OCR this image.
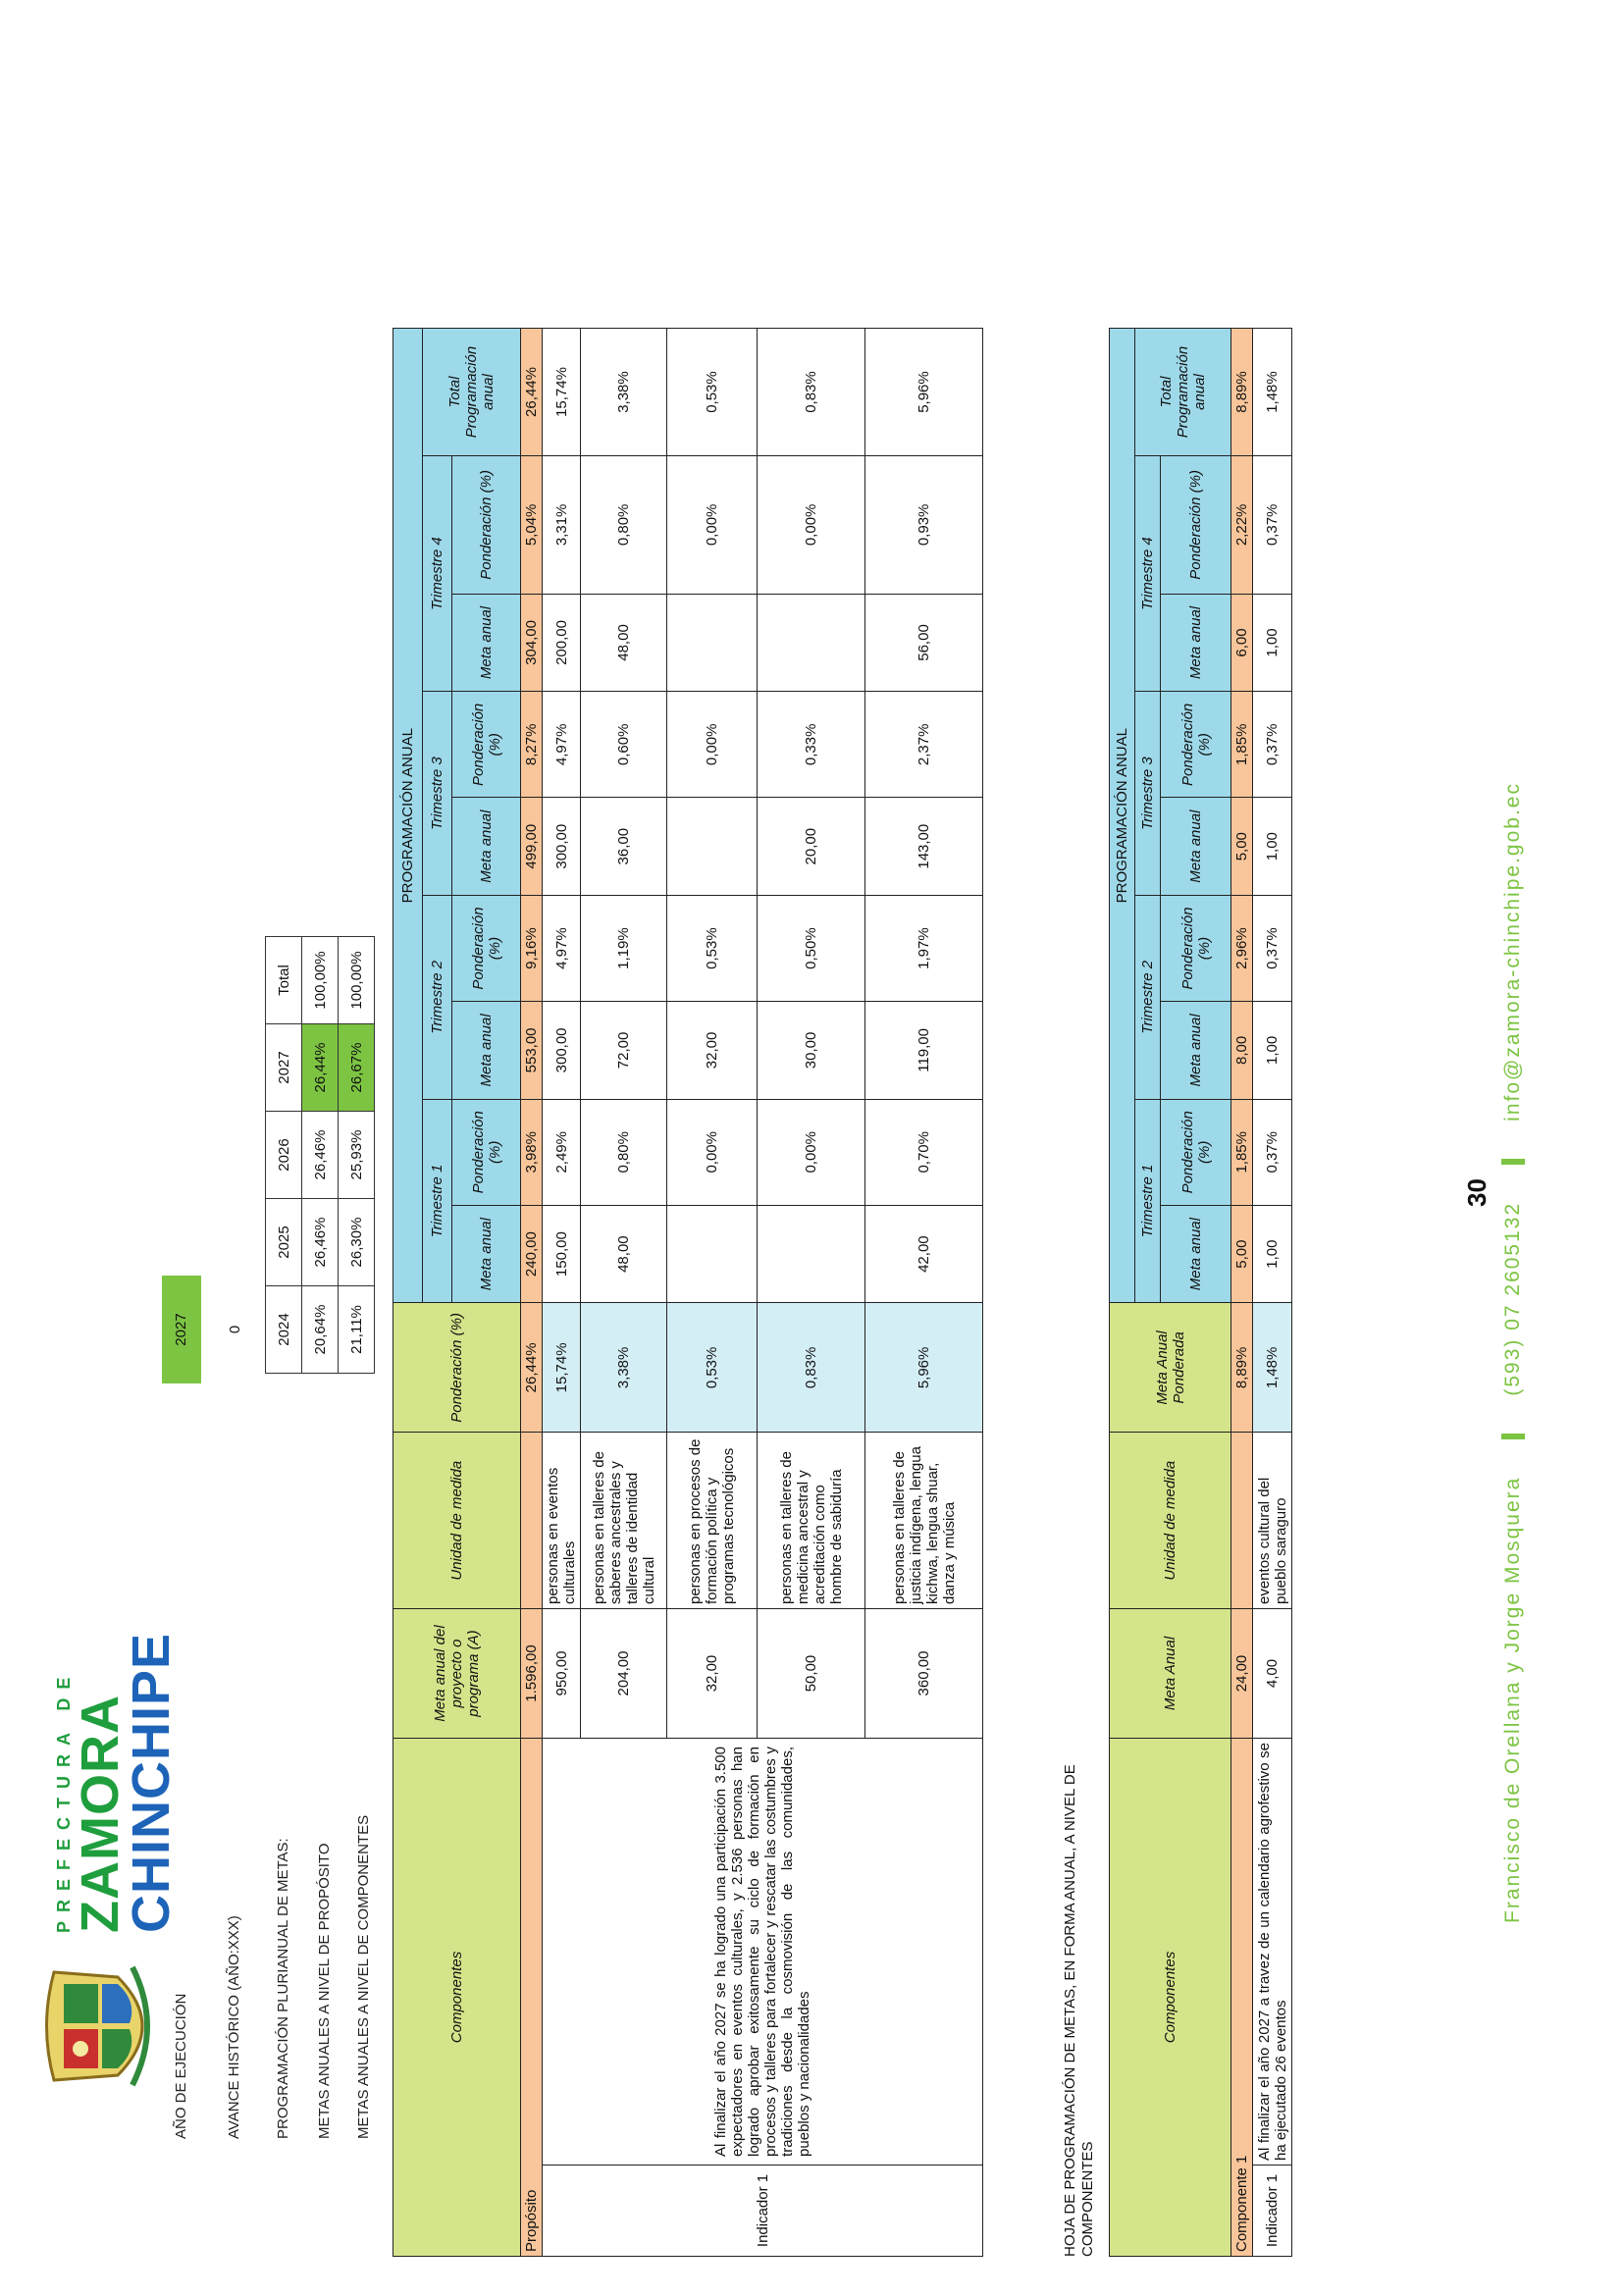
PREFECTURA DE
ZAMORA
CHINCHIPE
AÑO DE EJECUCIÓN AVANCE HISTÓRICO (AÑO:XXX) PROGRAMACIÓN PLURIANUAL DE METAS: METAS ANUALES A NIVEL DE PROPÓSITO METAS ANUALES A NIVEL DE COMPONENTES
2027	0	2024	2025	2026	2027	Total
20,64%	26,46%	26,46%	26,44%	100,00%
21,11%	26,30%	25,93%	26,67%	100,00%
Componentes		Meta anual del proyecto o programa (A)	Unidad de medida	Ponderación (%)	PROGRAMACIÓN ANUAL								
					Trimestre 1		Trimestre 2		Trimestre 3		Trimestre 4		Total Programación anual
					Meta anual	Ponderación (%)	Meta anual	Ponderación (%)	Meta anual	Ponderación (%)	Meta anual	Ponderación (%)	
Propósito		1.596,00		26,44%	240,00	3,98%	553,00	9,16%	499,00	8,27%	304,00	5,04%	26,44%
Indicador 1	Al finalizar el año 2027 se ha logrado una participación 3.500 expectadores en eventos culturales, y 2.536 personas han logrado aprobar exitosamente su ciclo de formación en procesos y talleres para fortalecer y rescatar las costumbres y tradiciones desde la cosmovisión de las comunidades, pueblos y nacionalidades	950,00	personas en eventos culturales	15,74%	150,00	2,49%	300,00	4,97%	300,00	4,97%	200,00	3,31%	15,74%
		204,00	personas en talleres de saberes ancestrales y talleres de identidad cultural	3,38%	48,00	0,80%	72,00	1,19%	36,00	0,60%	48,00	0,80%	3,38%
		32,00	personas en procesos de formación política y programas tecnológicos	0,53%		0,00%	32,00	0,53%		0,00%		0,00%	0,53%
		50,00	personas en talleres de medicina ancestral y acreditación como hombre de sabiduría	0,83%		0,00%	30,00	0,50%	20,00	0,33%		0,00%	0,83%
		360,00	personas en talleres de justicia indígena, lengua kichwa, lengua shuar, danza y música	5,96%	42,00	0,70%	119,00	1,97%	143,00	2,37%	56,00	0,93%	5,96%
HOJA DE PROGRAMACIÓN DE METAS, EN FORMA ANUAL, A NIVEL DE COMPONENTES
Componentes		Meta Anual	Unidad de medida	Meta Anual Ponderada	PROGRAMACIÓN ANUAL								
					Trimestre 1		Trimestre 2		Trimestre 3		Trimestre 4		Total Programación anual
					Meta anual	Ponderación (%)	Meta anual	Ponderación (%)	Meta anual	Ponderación (%)	Meta anual	Ponderación (%)	
Componente 1		24,00		8,89%	5,00	1,85%	8,00	2,96%	5,00	1,85%	6,00	2,22%	8,89%
Indicador 1	Al finalizar el año 2027 a travez de un calendario agrofestivo se ha ejecutado 26 eventos	4,00	eventos cultural del pueblo saraguro	1,48%	1,00	0,37%	1,00	0,37%	1,00	0,37%	1,00	0,37%	1,48%
30
Francisco de Orellana y Jorge Mosquera(593) 07 2605132info@zamora-chinchipe.gob.ec
